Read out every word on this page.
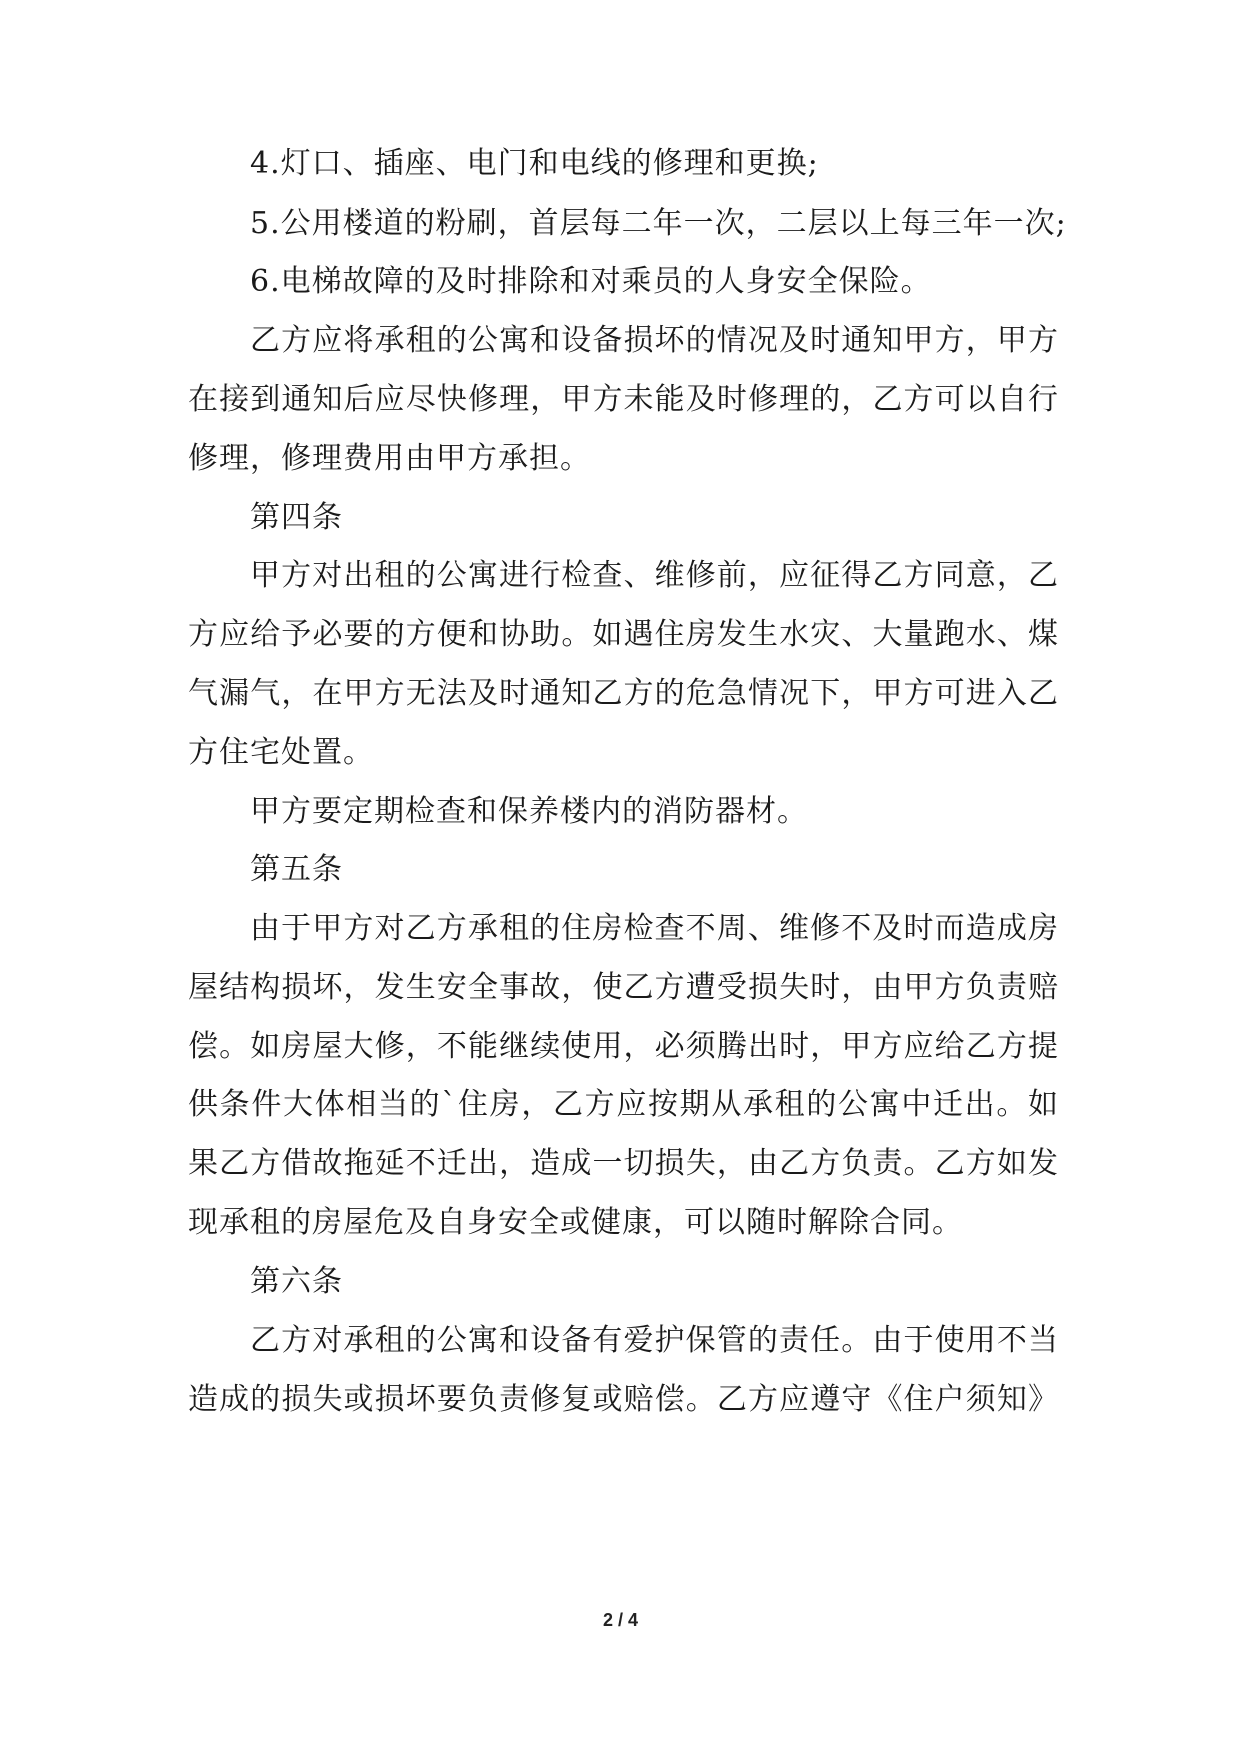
4.灯口、插座、电门和电线的修理和更换;
5.公用楼道的粉刷，首层每二年一次，二层以上每三年一次;
6.电梯故障的及时排除和对乘员的人身安全保险。
乙方应将承租的公寓和设备损坏的情况及时通知甲方，甲方
在接到通知后应尽快修理，甲方未能及时修理的，乙方可以自行
修理，修理费用由甲方承担。
第四条
甲方对出租的公寓进行检查、维修前，应征得乙方同意，乙
方应给予必要的方便和协助。如遇住房发生水灾、大量跑水、煤
气漏气，在甲方无法及时通知乙方的危急情况下，甲方可进入乙
方住宅处置。
甲方要定期检查和保养楼内的消防器材。
第五条
由于甲方对乙方承租的住房检查不周、维修不及时而造成房
屋结构损坏，发生安全事故，使乙方遭受损失时，由甲方负责赔
偿。如房屋大修，不能继续使用，必须腾出时，甲方应给乙方提
供条件大体相当的`住房，乙方应按期从承租的公寓中迁出。如
果乙方借故拖延不迁出，造成一切损失，由乙方负责。乙方如发
现承租的房屋危及自身安全或健康，可以随时解除合同。
第六条
乙方对承租的公寓和设备有爱护保管的责任。由于使用不当
造成的损失或损坏要负责修复或赔偿。乙方应遵守《住户须知》
2 / 4
